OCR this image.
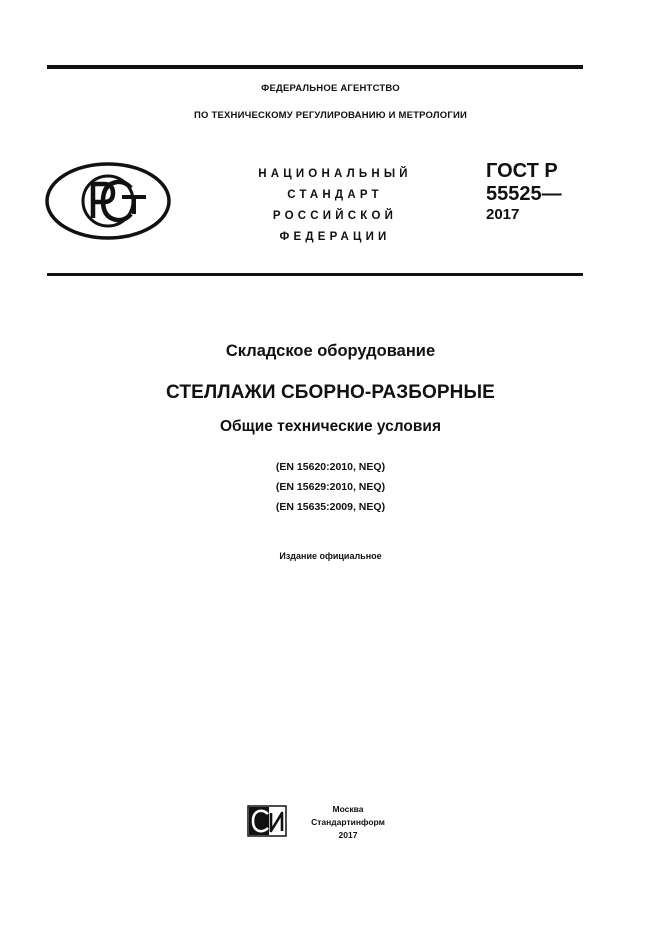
ФЕДЕРАЛЬНОЕ АГЕНТСТВО
ПО ТЕХНИЧЕСКОМУ РЕГУЛИРОВАНИЮ И МЕТРОЛОГИИ
НАЦИОНАЛЬНЫЙ
СТАНДАРТ
РОССИЙСКОЙ
ФЕДЕРАЦИИ
ГОСТ Р
55525—
2017
Складское оборудование
СТЕЛЛАЖИ СБОРНО-РАЗБОРНЫЕ
Общие технические условия
(EN 15620:2010, NEQ)
(EN 15629:2010, NEQ)
(EN 15635:2009, NEQ)
Издание официальное
Москва
Стандартинформ
2017
